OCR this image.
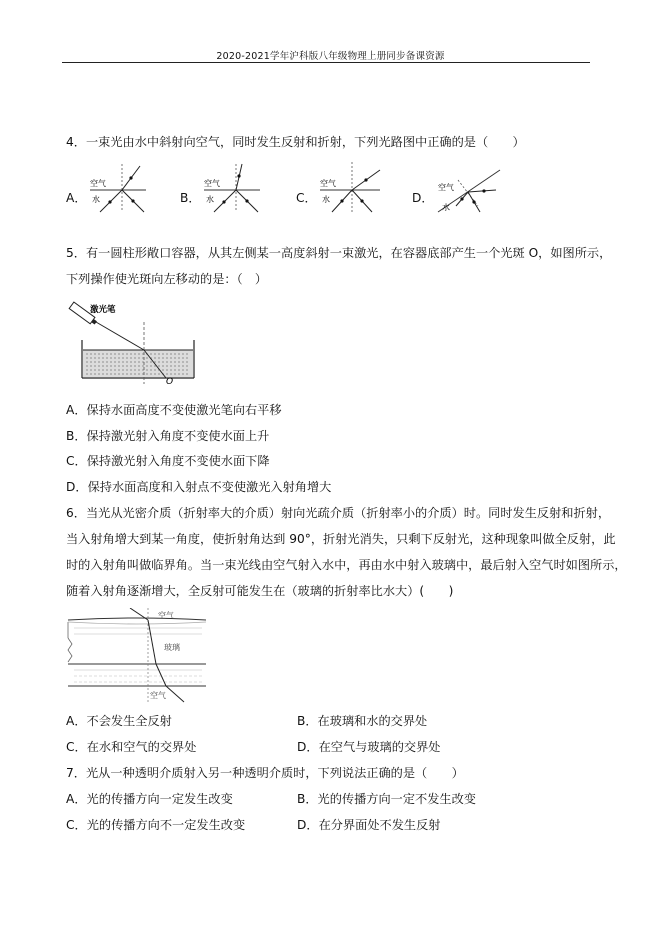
2020-2021学年沪科版八年级物理上册同步备课资源
4．一束光由水中斜射向空气，同时发生反射和折射，下列光路图中正确的是（　　）
A．
空气
水	B．
空气
水	C．
空气
水	D．
空气
水
5．有一圆柱形敞口容器，从其左侧某一高度斜射一束激光，在容器底部产生一个光斑 O，如图所示，
下列操作使光斑向左移动的是：（　）
激光笔
O
A．保持水面高度不变使激光笔向右平移
B．保持激光射入角度不变使水面上升
C．保持激光射入角度不变使水面下降
D．保持水面高度和入射点不变使激光入射角增大
6．当光从光密介质（折射率大的介质）射向光疏介质（折射率小的介质）时。同时发生反射和折射，
当入射角增大到某一角度，使折射角达到 90°，折射光消失，只剩下反射光，这种现象叫做全反射，此
时的入射角叫做临界角。当一束光线由空气射入水中，再由水中射入玻璃中，最后射入空气时如图所示，
随着入射角逐渐增大，全反射可能发生在（玻璃的折射率比水大）(　　)
空气
玻璃
空气
A．不会发生全反射	B．在玻璃和水的交界处
C．在水和空气的交界处	D．在空气与玻璃的交界处
7．光从一种透明介质射入另一种透明介质时，下列说法正确的是（　　）
A．光的传播方向一定发生改变	B．光的传播方向一定不发生改变
C．光的传播方向不一定发生改变	D．在分界面处不发生反射
